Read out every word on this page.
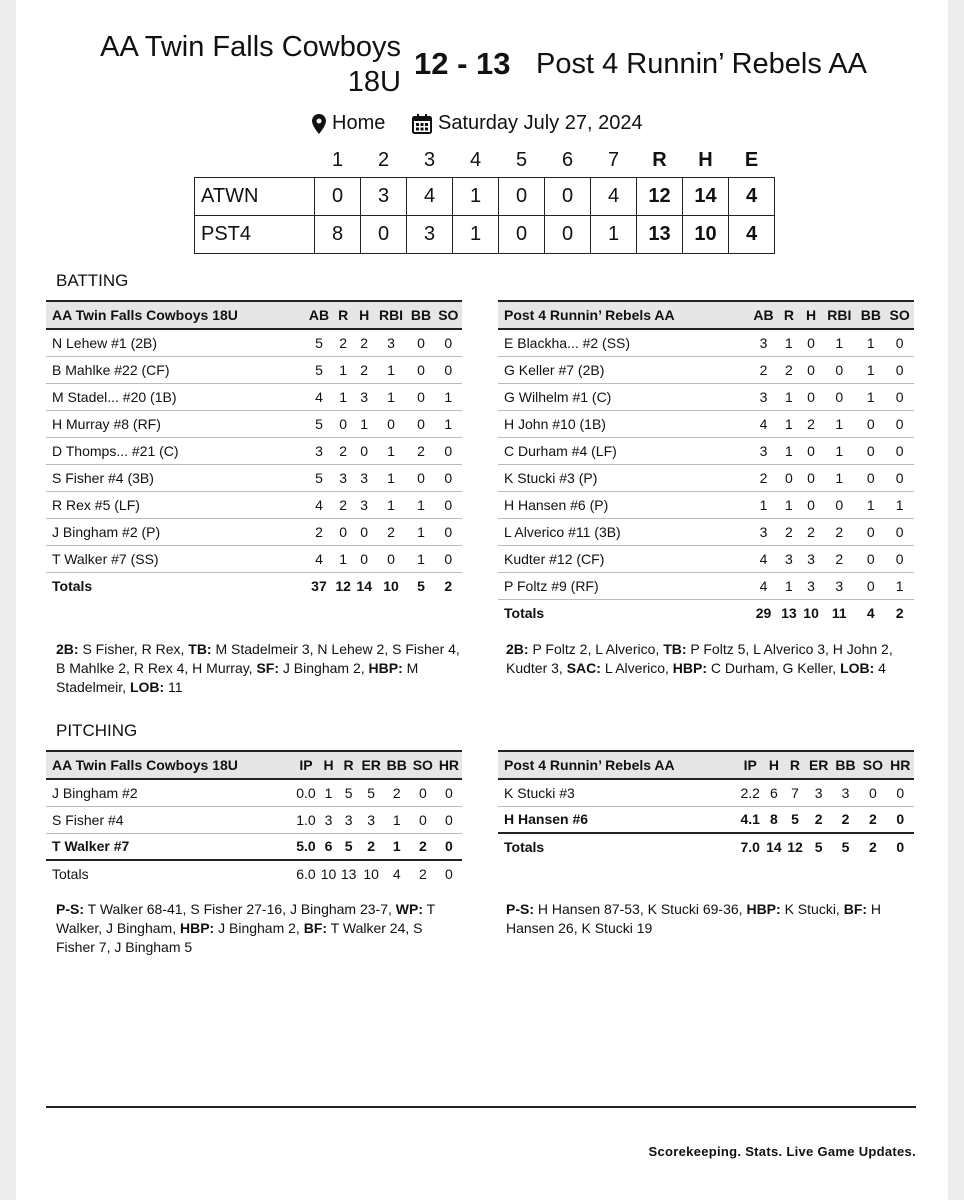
AA Twin Falls Cowboys 18U
12 - 13 Post 4 Runnin’ Rebels AA
Home	Saturday July 27, 2024
	1	2	3	4	5	6	7	R	H	E
ATWN	0	3	4	1	0	0	4	12	14	4
PST4	8	0	3	1	0	0	1	13	10	4
BATTING
AA Twin Falls Cowboys 18U	AB	R	H	RBI	BB	SO
N Lehew #1 (2B)	5	2	2	3	0	0
B Mahlke #22 (CF)	5	1	2	1	0	0
M Stadel... #20 (1B)	4	1	3	1	0	1
H Murray #8 (RF)	5	0	1	0	0	1
D Thomps... #21 (C)	3	2	0	1	2	0
S Fisher #4 (3B)	5	3	3	1	0	0
R Rex #5 (LF)	4	2	3	1	1	0
J Bingham #2 (P)	2	0	0	2	1	0
T Walker #7 (SS)	4	1	0	0	1	0
Totals	37	12	14	10	5	2
Post 4 Runnin’ Rebels AA	AB	R	H	RBI	BB	SO
E Blackha... #2 (SS)	3	1	0	1	1	0
G Keller #7 (2B)	2	2	0	0	1	0
G Wilhelm #1 (C)	3	1	0	0	1	0
H John #10 (1B)	4	1	2	1	0	0
C Durham #4 (LF)	3	1	0	1	0	0
K Stucki #3 (P)	2	0	0	1	0	0
H Hansen #6 (P)	1	1	0	0	1	1
L Alverico #11 (3B)	3	2	2	2	0	0
Kudter #12 (CF)	4	3	3	2	0	0
P Foltz #9 (RF)	4	1	3	3	0	1
Totals	29	13	10	11	4	2
2B: S Fisher, R Rex, TB: M Stadelmeir 3, N Lehew 2, S Fisher 4, B Mahlke 2, R Rex 4, H Murray, SF: J Bingham 2, HBP: M Stadelmeir, LOB: 11
2B: P Foltz 2, L Alverico, TB: P Foltz 5, L Alverico 3, H John 2, Kudter 3, SAC: L Alverico, HBP: C Durham, G Keller, LOB: 4
PITCHING
AA Twin Falls Cowboys 18U	IP	H	R	ER	BB	SO	HR
J Bingham #2	0.0	1	5	5	2	0	0
S Fisher #4	1.0	3	3	3	1	0	0
T Walker #7	5.0	6	5	2	1	2	0
Totals	6.0	10	13	10	4	2	0
Post 4 Runnin’ Rebels AA	IP	H	R	ER	BB	SO	HR
K Stucki #3	2.2	6	7	3	3	0	0
H Hansen #6	4.1	8	5	2	2	2	0
Totals	7.0	14	12	5	5	2	0
P-S: T Walker 68-41, S Fisher 27-16, J Bingham 23-7, WP: T Walker, J Bingham, HBP: J Bingham 2, BF: T Walker 24, S Fisher 7, J Bingham 5
P-S: H Hansen 87-53, K Stucki 69-36, HBP: K Stucki, BF: H Hansen 26, K Stucki 19
Scorekeeping. Stats. Live Game Updates.
